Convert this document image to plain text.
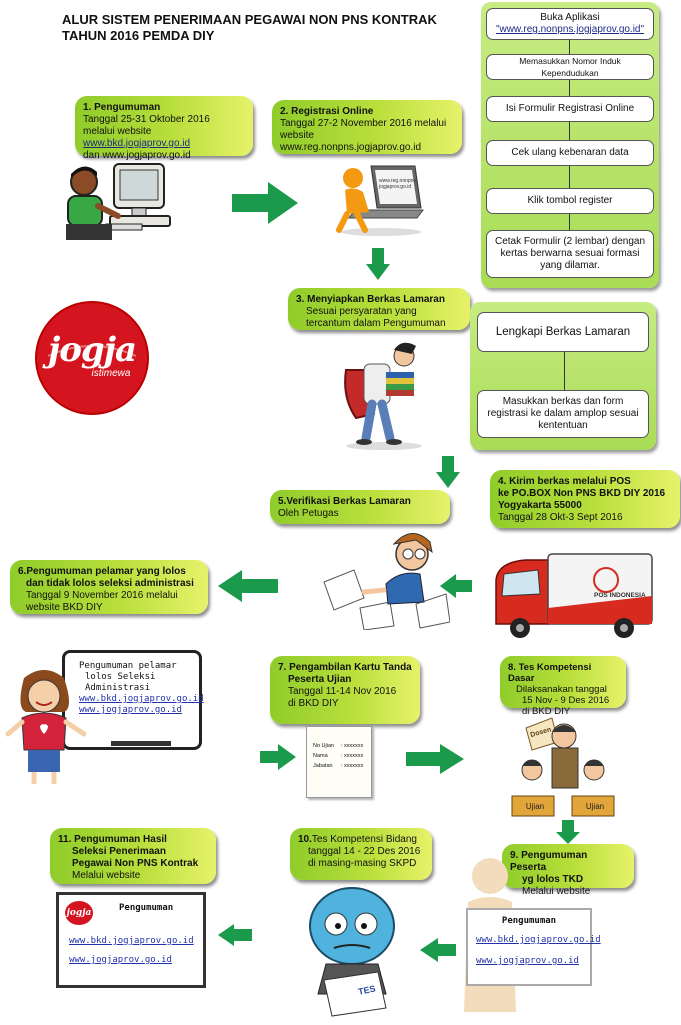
ALUR SISTEM PENERIMAAN PEGAWAI NON PNS KONTRAK
TAHUN 2016 PEMDA DIY
Buka Aplikasi
"www.reg.nonpns.jogjaprov.go.id"
Memasukkan Nomor Induk Kependudukan
Isi Formulir Registrasi Online
Cek ulang kebenaran data
Klik tombol register
Cetak Formulir (2 lembar) dengan kertas berwarna sesuai formasi yang dilamar.
1. Pengumuman
Tanggal 25-31 Oktober 2016
melalui website www.bkd.jogjaprov.go.id
dan www.jogjaprov.go.id
2. Registrasi Online
Tanggal 27-2 November 2016 melalui
website www.reg.nonpns.jogjaprov.go.id
www.reg.nonpns.
jogjaprov.go.id
jogja
istimewa
3. Menyiapkan Berkas Lamaran
Sesuai persyaratan yang
tercantum dalam Pengumuman
Lengkapi Berkas Lamaran
Masukkan berkas dan form registrasi ke dalam amplop sesuai kententuan
4. Kirim berkas melalui POS
ke PO.BOX Non PNS BKD DIY 2016
Yogyakarta 55000
Tanggal 28 Okt-3 Sept 2016
5.Verifikasi Berkas Lamaran
Oleh Petugas
POS INDONESIA
6.Pengumuman pelamar yang lolos
dan tidak lolos seleksi administrasi
Tanggal 9 November 2016 melalui
website BKD DIY
Pengumuman pelamar
lolos Seleksi
Administrasi
www.bkd.jogjaprov.go.id
www.jogjaprov.go.id
7. Pengambilan Kartu Tanda
Peserta Ujian
Tanggal 11-14 Nov 2016
di BKD DIY
No Ujian : xxxxxxx
Nama : xxxxxxx
Jabatan : xxxxxxx
8. Tes Kompetensi Dasar
Dilaksanakan tanggal
15 Nov - 9 Des 2016
di BKD DIY
Dosen
Ujian	Ujian
9. Pengumuman Peserta
yg lolos TKD
Melalui website
Pengumuman
www.bkd.jogjaprov.go.id
www.jogjaprov.go.id
10.Tes Kompetensi Bidang
tanggal 14 - 22 Des 2016
di masing-masing SKPD
TES
11. Pengumuman Hasil
Seleksi Penerimaan
Pegawai Non PNS Kontrak
Melalui website
jogja	Pengumuman
www.bkd.jogjaprov.go.id
www.jogjaprov.go.id
